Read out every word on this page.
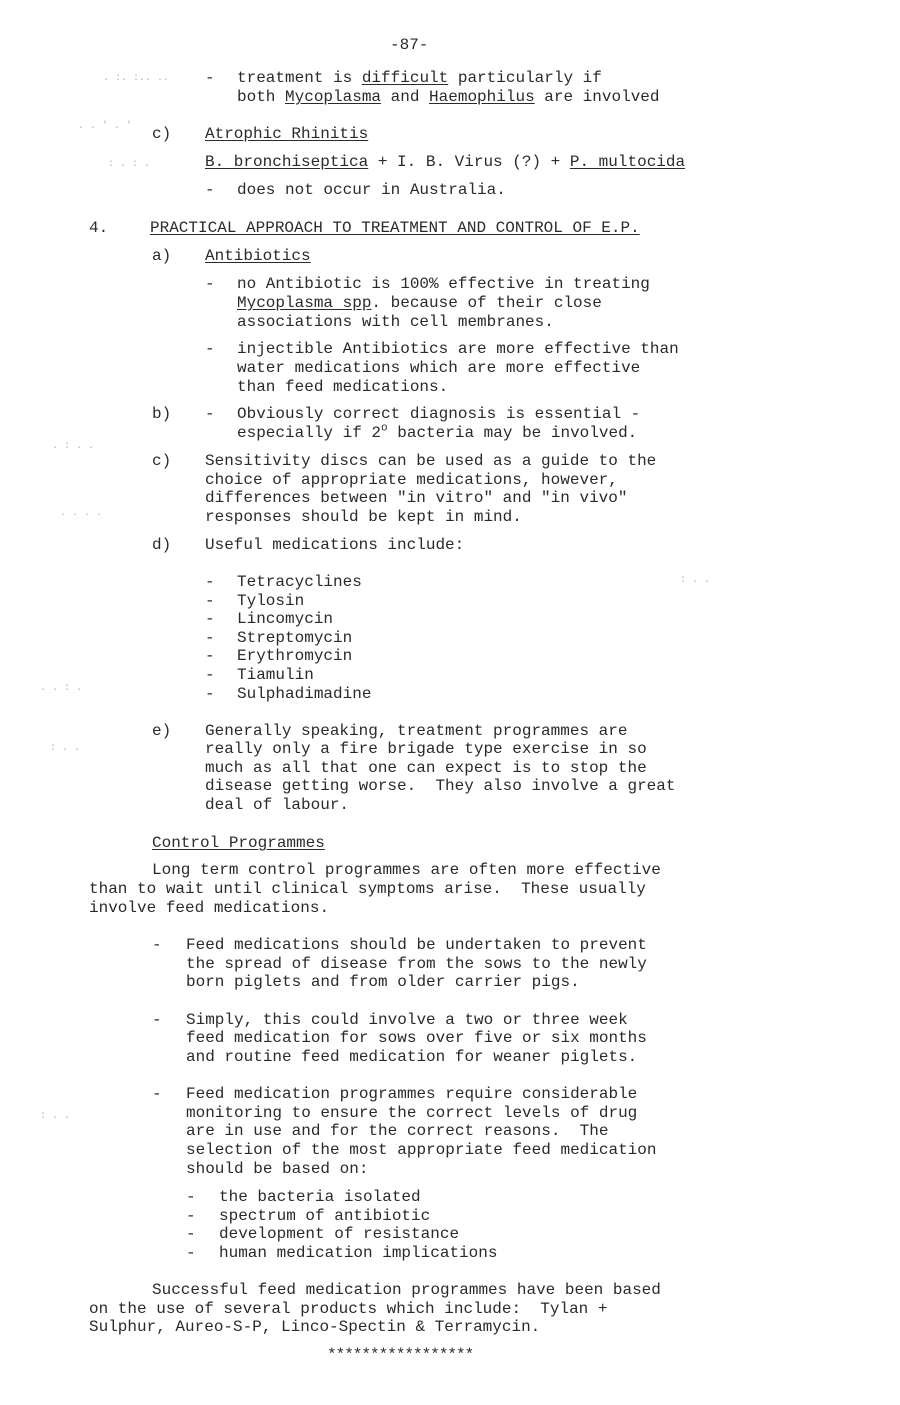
-87-
- treatment is difficult particularly if
both Mycoplasma and Haemophilus are involved
c) Atrophic Rhinitis
B. bronchiseptica + I. B. Virus (?) + P. multocida
- does not occur in Australia.
4.	PRACTICAL APPROACH TO TREATMENT AND CONTROL OF E.P.
a) Antibiotics
- no Antibiotic is 100% effective in treating
Mycoplasma spp. because of their close
associations with cell membranes.
- injectible Antibiotics are more effective than
water medications which are more effective
than feed medications.
b) - Obviously correct diagnosis is essential -
especially if 2$^o$ bacteria may be involved.
c) Sensitivity discs can be used as a guide to the
choice of appropriate medications, however,
differences between "in vitro" and "in vivo"
responses should be kept in mind.
d) Useful medications include:
- Tetracyclines
- Tylosin
- Lincomycin
- Streptomycin
- Erythromycin
- Tiamulin
- Sulphadimadine
e) Generally speaking, treatment programmes are
really only a fire brigade type exercise in so
much as all that one can expect is to stop the
disease getting worse.  They also involve a great
deal of labour.
Control Programmes
Long term control programmes are often more effective
than to wait until clinical symptoms arise.  These usually
involve feed medications.
- Feed medications should be undertaken to prevent
the spread of disease from the sows to the newly
born piglets and from older carrier pigs.
- Simply, this could involve a two or three week
feed medication for sows over five or six months
and routine feed medication for weaner piglets.
- Feed medication programmes require considerable
monitoring to ensure the correct levels of drug
are in use and for the correct reasons.  The
selection of the most appropriate feed medication
should be based on:
- the bacteria isolated
- spectrum of antibiotic
- development of resistance
- human medication implications
Successful feed medication programmes have been based
on the use of several products which include:  Tylan +
Sulphur, Aureo-S-P, Linco-Spectin & Terramycin.
*****************
. :. :.. ..
. . ' . '
: . : .
. : . .
. . . .
. . : .
: . .
: . .
: . .
